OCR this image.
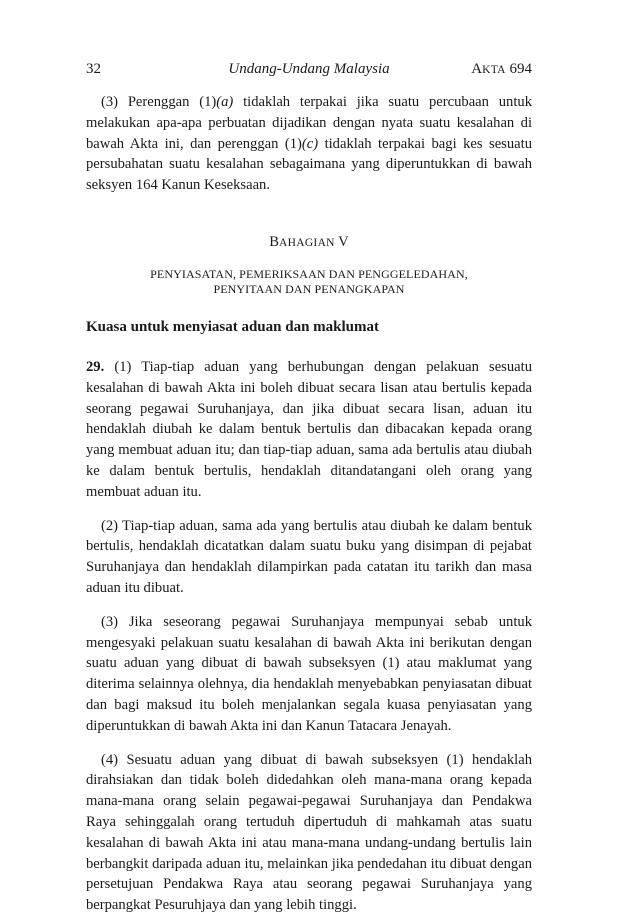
32	Undang-Undang Malaysia	AKTA 694

(3) Perenggan (1)(a) tidaklah terpakai jika suatu percubaan untuk melakukan apa-apa perbuatan dijadikan dengan nyata suatu kesalahan di bawah Akta ini, dan perenggan (1)(c) tidaklah terpakai bagi kes sesuatu persubahatan suatu kesalahan sebagaimana yang diperuntukkan di bawah seksyen 164 Kanun Keseksaan.

BAHAGIAN V
PENYIASATAN, PEMERIKSAAN DAN PENGGELEDAHAN,
PENYITAAN DAN PENANGKAPAN
Kuasa untuk menyiasat aduan dan maklumat

29. (1) Tiap-tiap aduan yang berhubungan dengan pelakuan sesuatu kesalahan di bawah Akta ini boleh dibuat secara lisan atau bertulis kepada seorang pegawai Suruhanjaya, dan jika dibuat secara lisan, aduan itu hendaklah diubah ke dalam bentuk bertulis dan dibacakan kepada orang yang membuat aduan itu; dan tiap-tiap aduan, sama ada bertulis atau diubah ke dalam bentuk bertulis, hendaklah ditandatangani oleh orang yang membuat aduan itu.

(2) Tiap-tiap aduan, sama ada yang bertulis atau diubah ke dalam bentuk bertulis, hendaklah dicatatkan dalam suatu buku yang disimpan di pejabat Suruhanjaya dan hendaklah dilampirkan pada catatan itu tarikh dan masa aduan itu dibuat.

(3) Jika seseorang pegawai Suruhanjaya mempunyai sebab untuk mengesyaki pelakuan suatu kesalahan di bawah Akta ini berikutan dengan suatu aduan yang dibuat di bawah subseksyen (1) atau maklumat yang diterima selainnya olehnya, dia hendaklah menyebabkan penyiasatan dibuat dan bagi maksud itu boleh menjalankan segala kuasa penyiasatan yang diperuntukkan di bawah Akta ini dan Kanun Tatacara Jenayah.

(4) Sesuatu aduan yang dibuat di bawah subseksyen (1) hendaklah dirahsiakan dan tidak boleh didedahkan oleh mana-mana orang kepada mana-mana orang selain pegawai-pegawai Suruhanjaya dan Pendakwa Raya sehinggalah orang tertuduh dipertuduh di mahkamah atas suatu kesalahan di bawah Akta ini atau mana-mana undang-undang bertulis lain berbangkit daripada aduan itu, melainkan jika pendedahan itu dibuat dengan persetujuan Pendakwa Raya atau seorang pegawai Suruhanjaya yang berpangkat Pesuruhjaya dan yang lebih tinggi.
